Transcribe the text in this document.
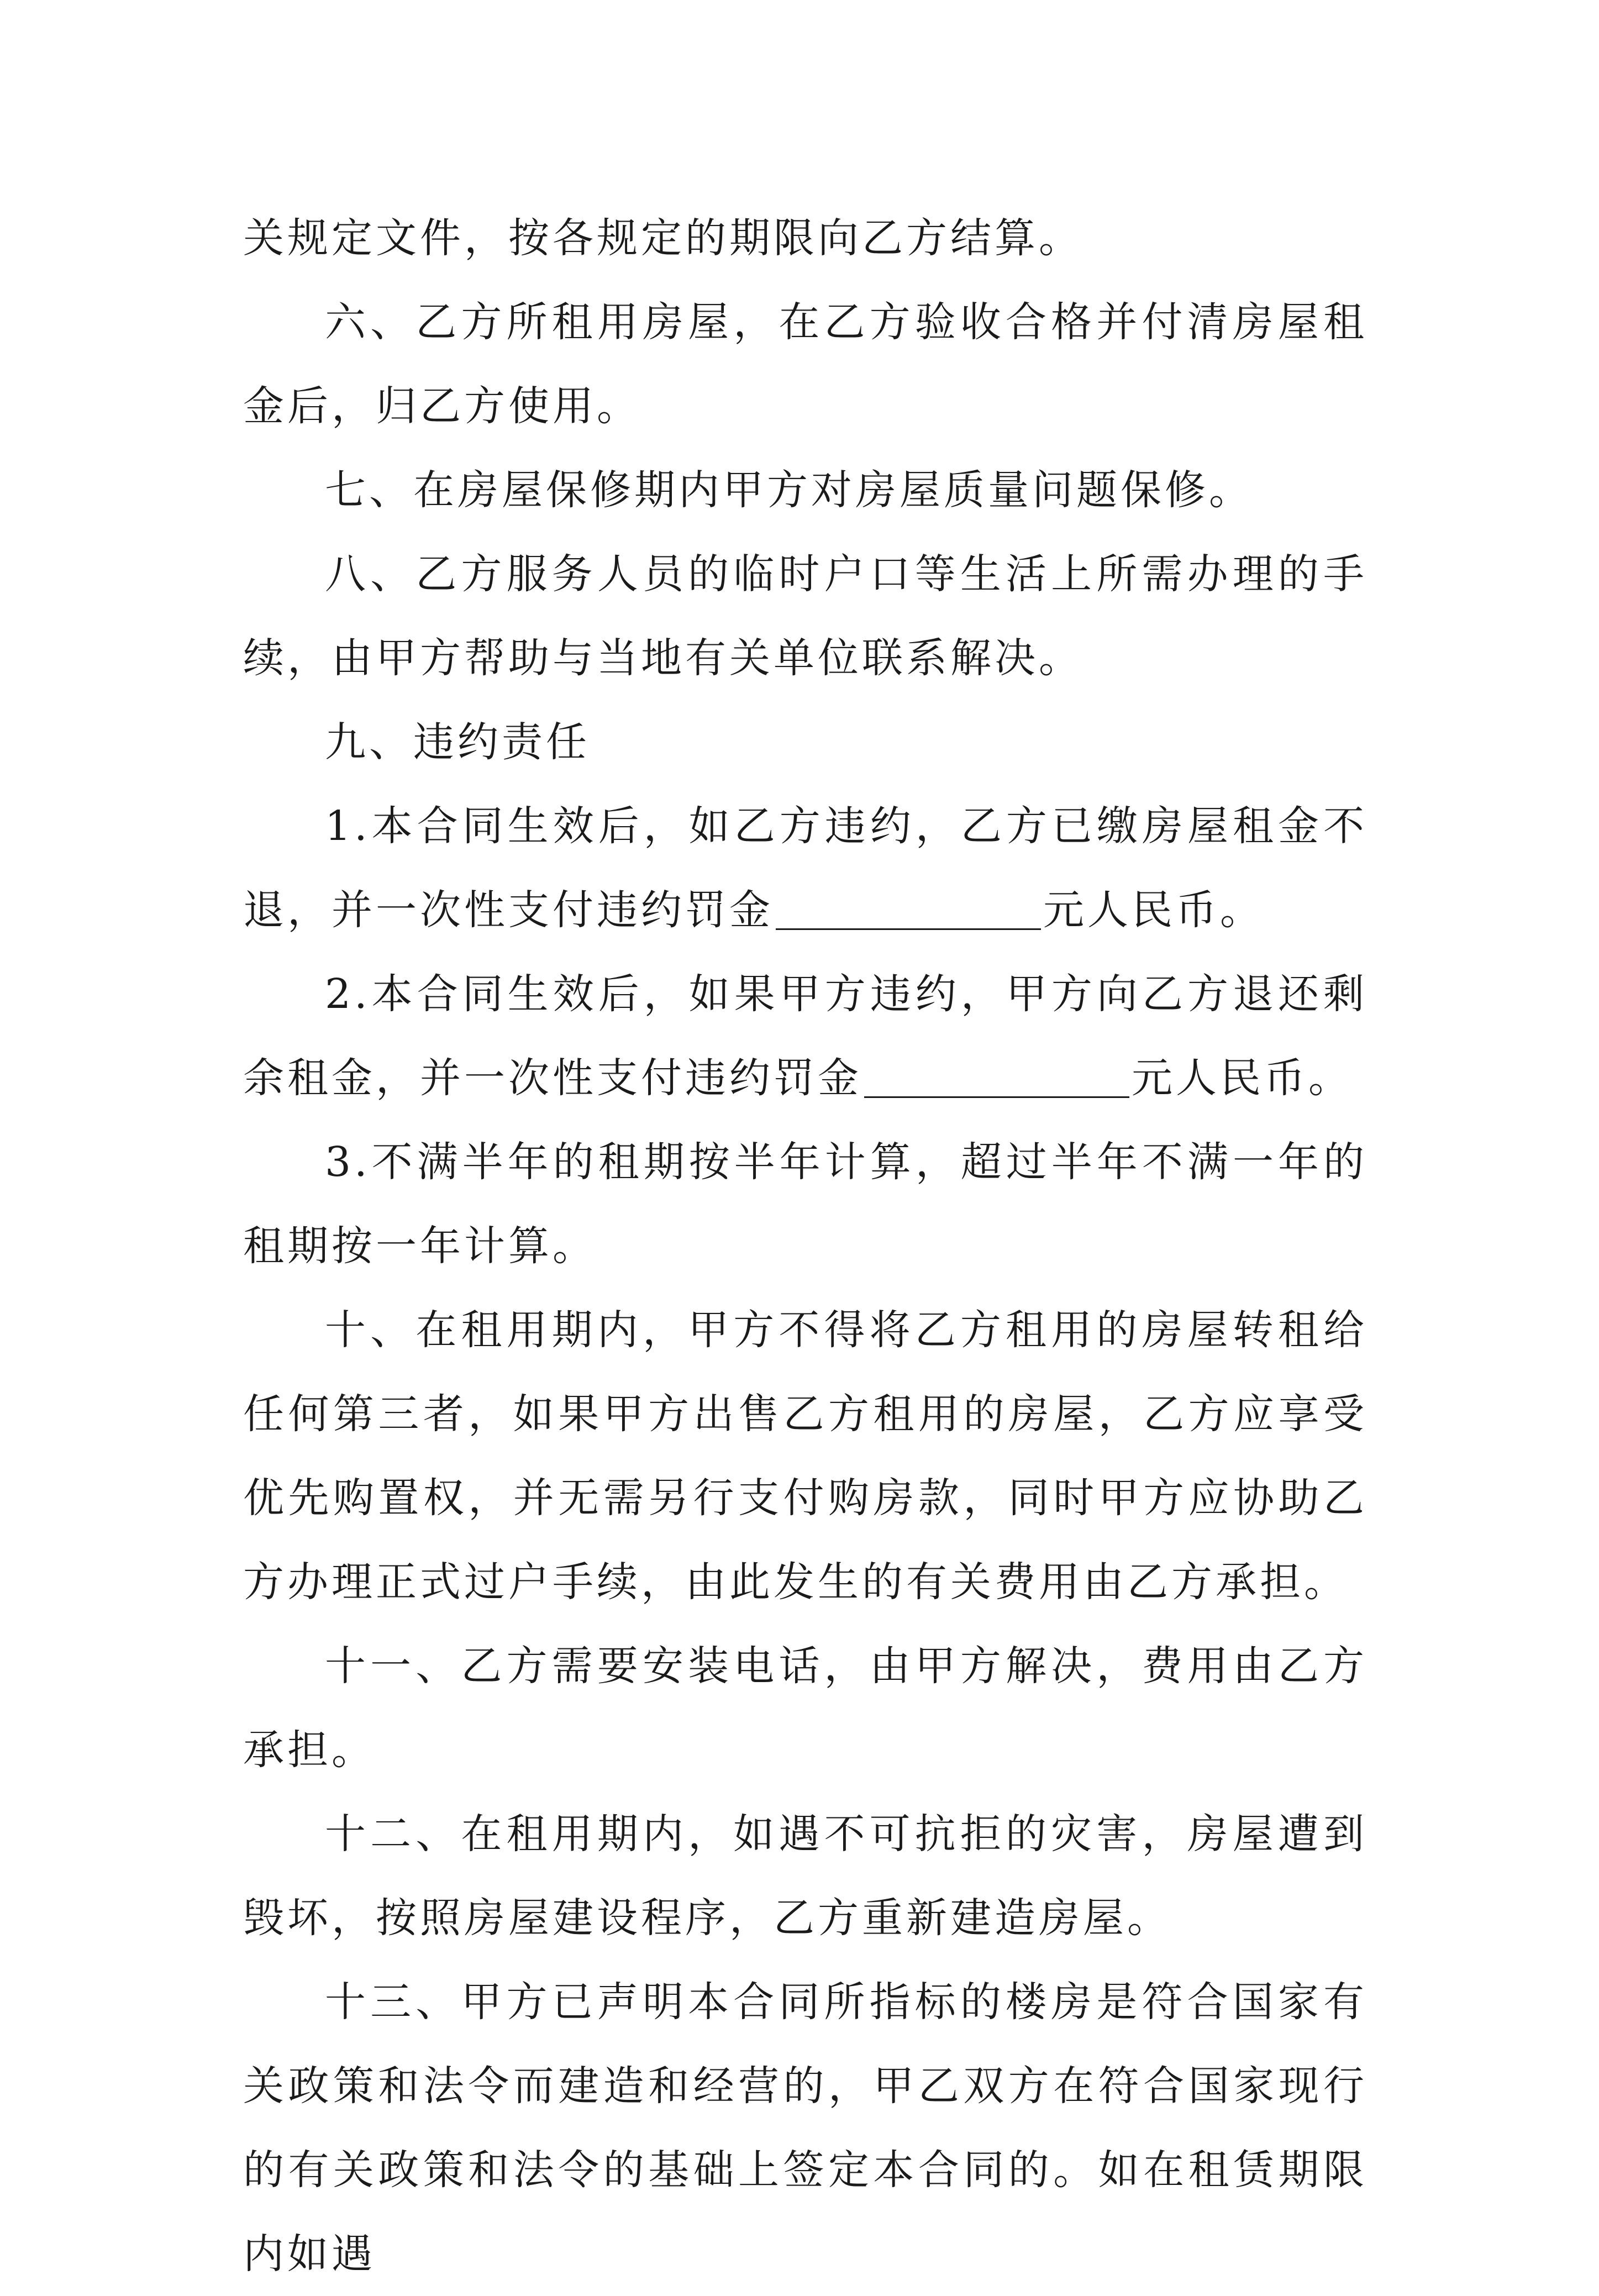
关规定文件，按各规定的期限向乙方结算。

六、乙方所租用房屋，在乙方验收合格并付清房屋租金后，归乙方使用。

七、在房屋保修期内甲方对房屋质量问题保修。

八、乙方服务人员的临时户口等生活上所需办理的手续，由甲方帮助与当地有关单位联系解决。

九、违约责任

1.本合同生效后，如乙方违约，乙方已缴房屋租金不退，并一次性支付违约罚金	元人民币。

2.本合同生效后，如果甲方违约，甲方向乙方退还剩余租金，并一次性支付违约罚金	元人民币。

3.不满半年的租期按半年计算，超过半年不满一年的租期按一年计算。

十、在租用期内，甲方不得将乙方租用的房屋转租给任何第三者，如果甲方出售乙方租用的房屋，乙方应享受优先购置权，并无需另行支付购房款，同时甲方应协助乙方办理正式过户手续，由此发生的有关费用由乙方承担。

十一、乙方需要安装电话，由甲方解决，费用由乙方承担。

十二、在租用期内，如遇不可抗拒的灾害，房屋遭到毁坏，按照房屋建设程序，乙方重新建造房屋。

十三、甲方已声明本合同所指标的楼房是符合国家有关政策和法令而建造和经营的，甲乙双方在符合国家现行的有关政策和法令的基础上签定本合同的。如在租赁期限内如遇
